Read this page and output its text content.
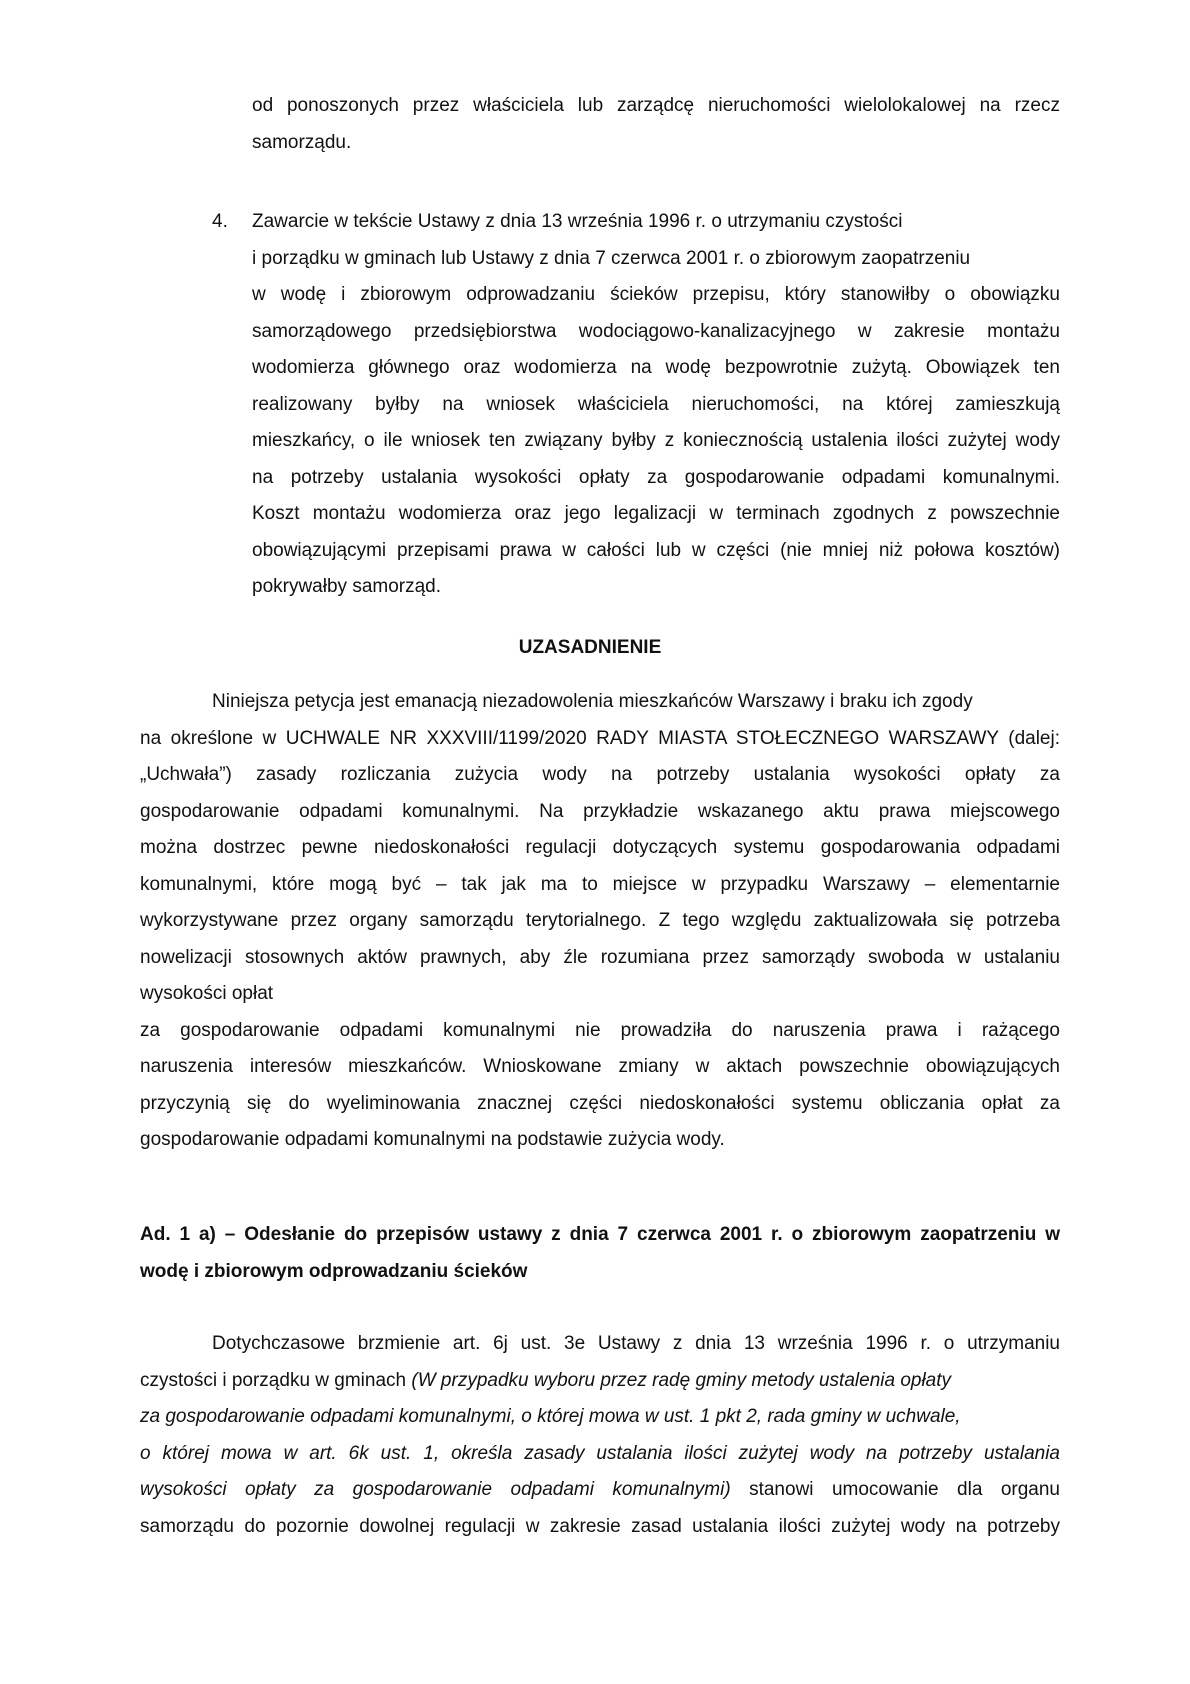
od ponoszonych przez właściciela lub zarządcę nieruchomości wielolokalowej na rzecz
samorządu.
4.	Zawarcie w tekście Ustawy z dnia 13 września 1996 r. o utrzymaniu czystości
i porządku w gminach lub Ustawy z dnia 7 czerwca 2001 r. o zbiorowym zaopatrzeniu
w wodę i zbiorowym odprowadzaniu ścieków przepisu, który stanowiłby o obowiązku
samorządowego przedsiębiorstwa wodociągowo-kanalizacyjnego w zakresie montażu
wodomierza głównego oraz wodomierza na wodę bezpowrotnie zużytą. Obowiązek ten
realizowany byłby na wniosek właściciela nieruchomości, na której zamieszkują
mieszkańcy, o ile wniosek ten związany byłby z koniecznością ustalenia ilości zużytej wody
na potrzeby ustalania wysokości opłaty za gospodarowanie odpadami komunalnymi.
Koszt montażu wodomierza oraz jego legalizacji w terminach zgodnych z powszechnie
obowiązującymi przepisami prawa w całości lub w części (nie mniej niż połowa kosztów)
pokrywałby samorząd.
UZASADNIENIE
Niniejsza petycja jest emanacją niezadowolenia mieszkańców Warszawy i braku ich zgody
na określone w UCHWALE NR XXXVIII/1199/2020 RADY MIASTA STOŁECZNEGO WARSZAWY (dalej:
„Uchwała”) zasady rozliczania zużycia wody na potrzeby ustalania wysokości opłaty za
gospodarowanie odpadami komunalnymi. Na przykładzie wskazanego aktu prawa miejscowego
można dostrzec pewne niedoskonałości regulacji dotyczących systemu gospodarowania odpadami
komunalnymi, które mogą być – tak jak ma to miejsce w przypadku Warszawy – elementarnie
wykorzystywane przez organy samorządu terytorialnego. Z tego względu zaktualizowała się potrzeba
nowelizacji stosownych aktów prawnych, aby źle rozumiana przez samorządy swoboda w ustalaniu
wysokości opłat
za gospodarowanie odpadami komunalnymi nie prowadziła do naruszenia prawa i rażącego
naruszenia interesów mieszkańców. Wnioskowane zmiany w aktach powszechnie obowiązujących
przyczynią się do wyeliminowania znacznej części niedoskonałości systemu obliczania opłat za
gospodarowanie odpadami komunalnymi na podstawie zużycia wody.
Ad. 1 a) – Odesłanie do przepisów ustawy z dnia 7 czerwca 2001 r. o zbiorowym zaopatrzeniu w
wodę i zbiorowym odprowadzaniu ścieków
Dotychczasowe brzmienie art. 6j ust. 3e Ustawy z dnia 13 września 1996 r. o utrzymaniu
czystości i porządku w gminach (W przypadku wyboru przez radę gminy metody ustalenia opłaty
za gospodarowanie odpadami komunalnymi, o której mowa w ust. 1 pkt 2, rada gminy w uchwale,
o której mowa w art. 6k ust. 1, określa zasady ustalania ilości zużytej wody na potrzeby ustalania
wysokości opłaty za gospodarowanie odpadami komunalnymi) stanowi umocowanie dla organu
samorządu do pozornie dowolnej regulacji w zakresie zasad ustalania ilości zużytej wody na potrzeby
